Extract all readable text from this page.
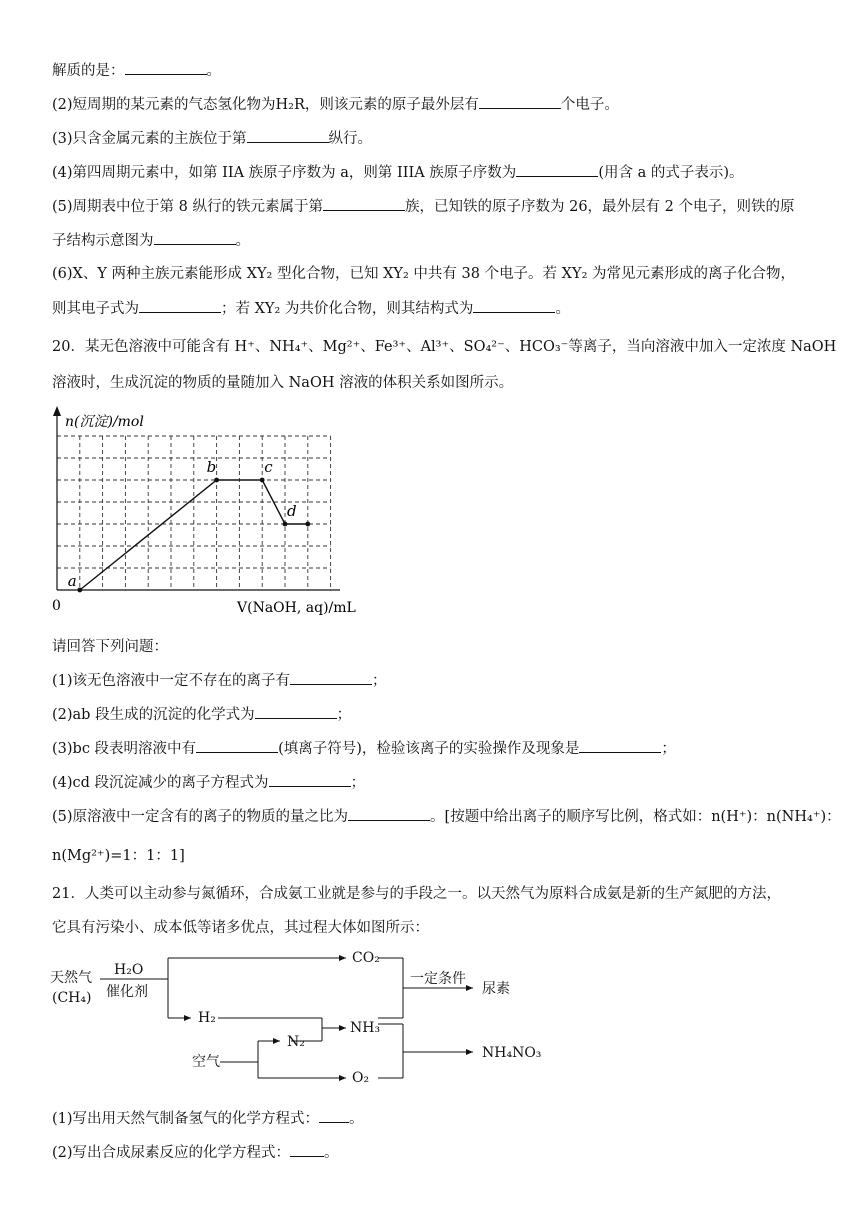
解质的是：	。
(2)短周期的某元素的气态氢化物为H₂R，则该元素的原子最外层有	个电子。
(3)只含金属元素的主族位于第	纵行。
(4)第四周期元素中，如第 IIA 族原子序数为 a，则第 IIIA 族原子序数为	(用含 a 的式子表示)。
(5)周期表中位于第 8 纵行的铁元素属于第	族，已知铁的原子序数为 26，最外层有 2 个电子，则铁的原
子结构示意图为	。
(6)X、Y 两种主族元素能形成 XY₂ 型化合物，已知 XY₂ 中共有 38 个电子。若 XY₂ 为常见元素形成的离子化合物，
则其电子式为	；若 XY₂ 为共价化合物，则其结构式为	。
20．某无色溶液中可能含有 H⁺、NH₄⁺、Mg²⁺、Fe³⁺、Al³⁺、SO₄²⁻、HCO₃⁻等离子，当向溶液中加入一定浓度 NaOH
溶液时，生成沉淀的物质的量随加入 NaOH 溶液的体积关系如图所示。
n(沉淀)/mol
V(NaOH, aq)/mL
0
a
b	c
d
请回答下列问题：
(1)该无色溶液中一定不存在的离子有	；
(2)ab 段生成的沉淀的化学式为	；
(3)bc 段表明溶液中有	(填离子符号)，检验该离子的实验操作及现象是	；
(4)cd 段沉淀减少的离子方程式为	；
(5)原溶液中一定含有的离子的物质的量之比为	。[按题中给出离子的顺序写比例，格式如：n(H⁺)：n(NH₄⁺)：
n(Mg²⁺)=1：1：1]
21．人类可以主动参与氮循环，合成氨工业就是参与的手段之一。以天然气为原料合成氨是新的生产氮肥的方法，
它具有污染小、成本低等诸多优点，其过程大体如图所示：
天然气
(CH₄)
H₂O
催化剂
CO₂
一定条件
尿素
H₂
NH₃
空气
N₂
O₂
NH₄NO₃
(1)写出用天然气制备氢气的化学方程式： 。
(2)写出合成尿素反应的化学方程式： 。
